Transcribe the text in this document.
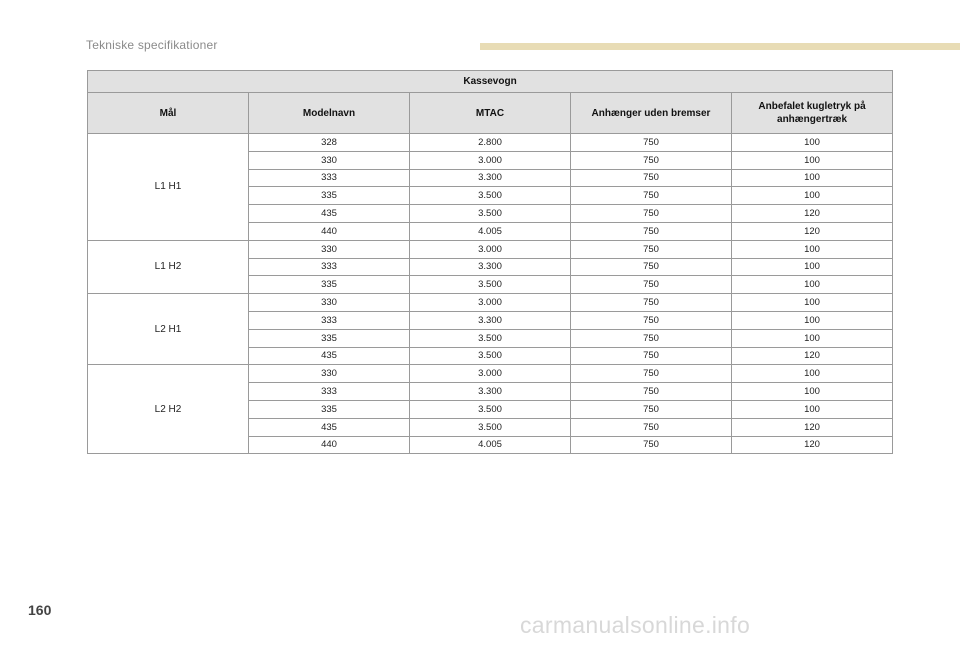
Tekniske specifikationer
Kassevogn				
Mål	Modelnavn	MTAC	Anhænger uden bremser	Anbefalet kugletryk på anhængertræk
L1 H1	328	2.800	750	100
	330	3.000	750	100
	333	3.300	750	100
	335	3.500	750	100
	435	3.500	750	120
	440	4.005	750	120
L1 H2	330	3.000	750	100
	333	3.300	750	100
	335	3.500	750	100
L2 H1	330	3.000	750	100
	333	3.300	750	100
	335	3.500	750	100
	435	3.500	750	120
L2 H2	330	3.000	750	100
	333	3.300	750	100
	335	3.500	750	100
	435	3.500	750	120
	440	4.005	750	120
160
carmanualsonline.info
